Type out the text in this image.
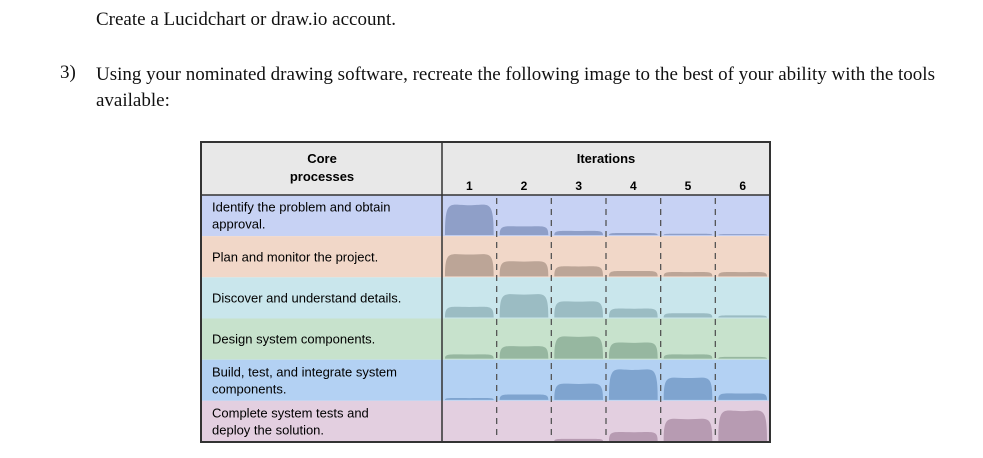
Create a Lucidchart or draw.io account.
3) Using your nominated drawing software, recreate the following image to the best of your ability with the tools available:
Core
processes
Iterations
1	2	3	4	5	6
Identify the problem and obtain
approval.
Plan and monitor the project.
Discover and understand details.
Design system components.
Build, test, and integrate system
components.
Complete system tests and
deploy the solution.
